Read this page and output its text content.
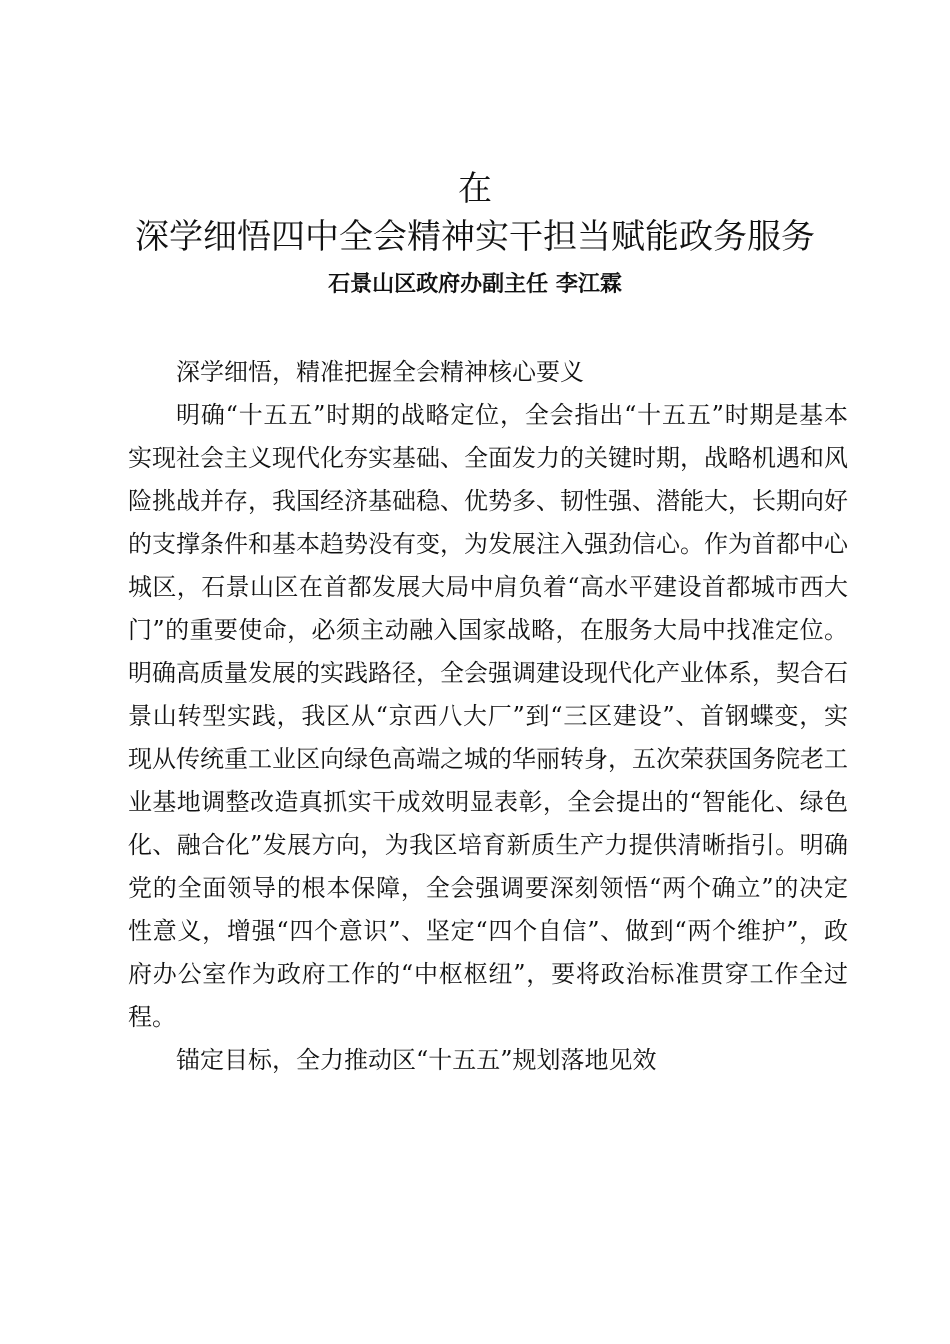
在
深学细悟四中全会精神实干担当赋能政务服务
石景山区政府办副主任 李江霖

深学细悟，精准把握全会精神核心要义

明确“十五五”时期的战略定位，全会指出“十五五”时期是基本实现社会主义现代化夯实基础、全面发力的关键时期，战略机遇和风险挑战并存，我国经济基础稳、优势多、韧性强、潜能大，长期向好的支撑条件和基本趋势没有变，为发展注入强劲信心。作为首都中心城区，石景山区在首都发展大局中肩负着“高水平建设首都城市西大门”的重要使命，必须主动融入国家战略，在服务大局中找准定位。明确高质量发展的实践路径，全会强调建设现代化产业体系，契合石景山转型实践，我区从“京西八大厂”到“三区建设”、首钢蝶变，实现从传统重工业区向绿色高端之城的华丽转身，五次荣获国务院老工业基地调整改造真抓实干成效明显表彰，全会提出的“智能化、绿色化、融合化”发展方向，为我区培育新质生产力提供清晰指引。明确党的全面领导的根本保障，全会强调要深刻领悟“两个确立”的决定性意义，增强“四个意识”、坚定“四个自信”、做到“两个维护”，政府办公室作为政府工作的“中枢枢纽”，要将政治标准贯穿工作全过程。

锚定目标，全力推动区“十五五”规划落地见效
